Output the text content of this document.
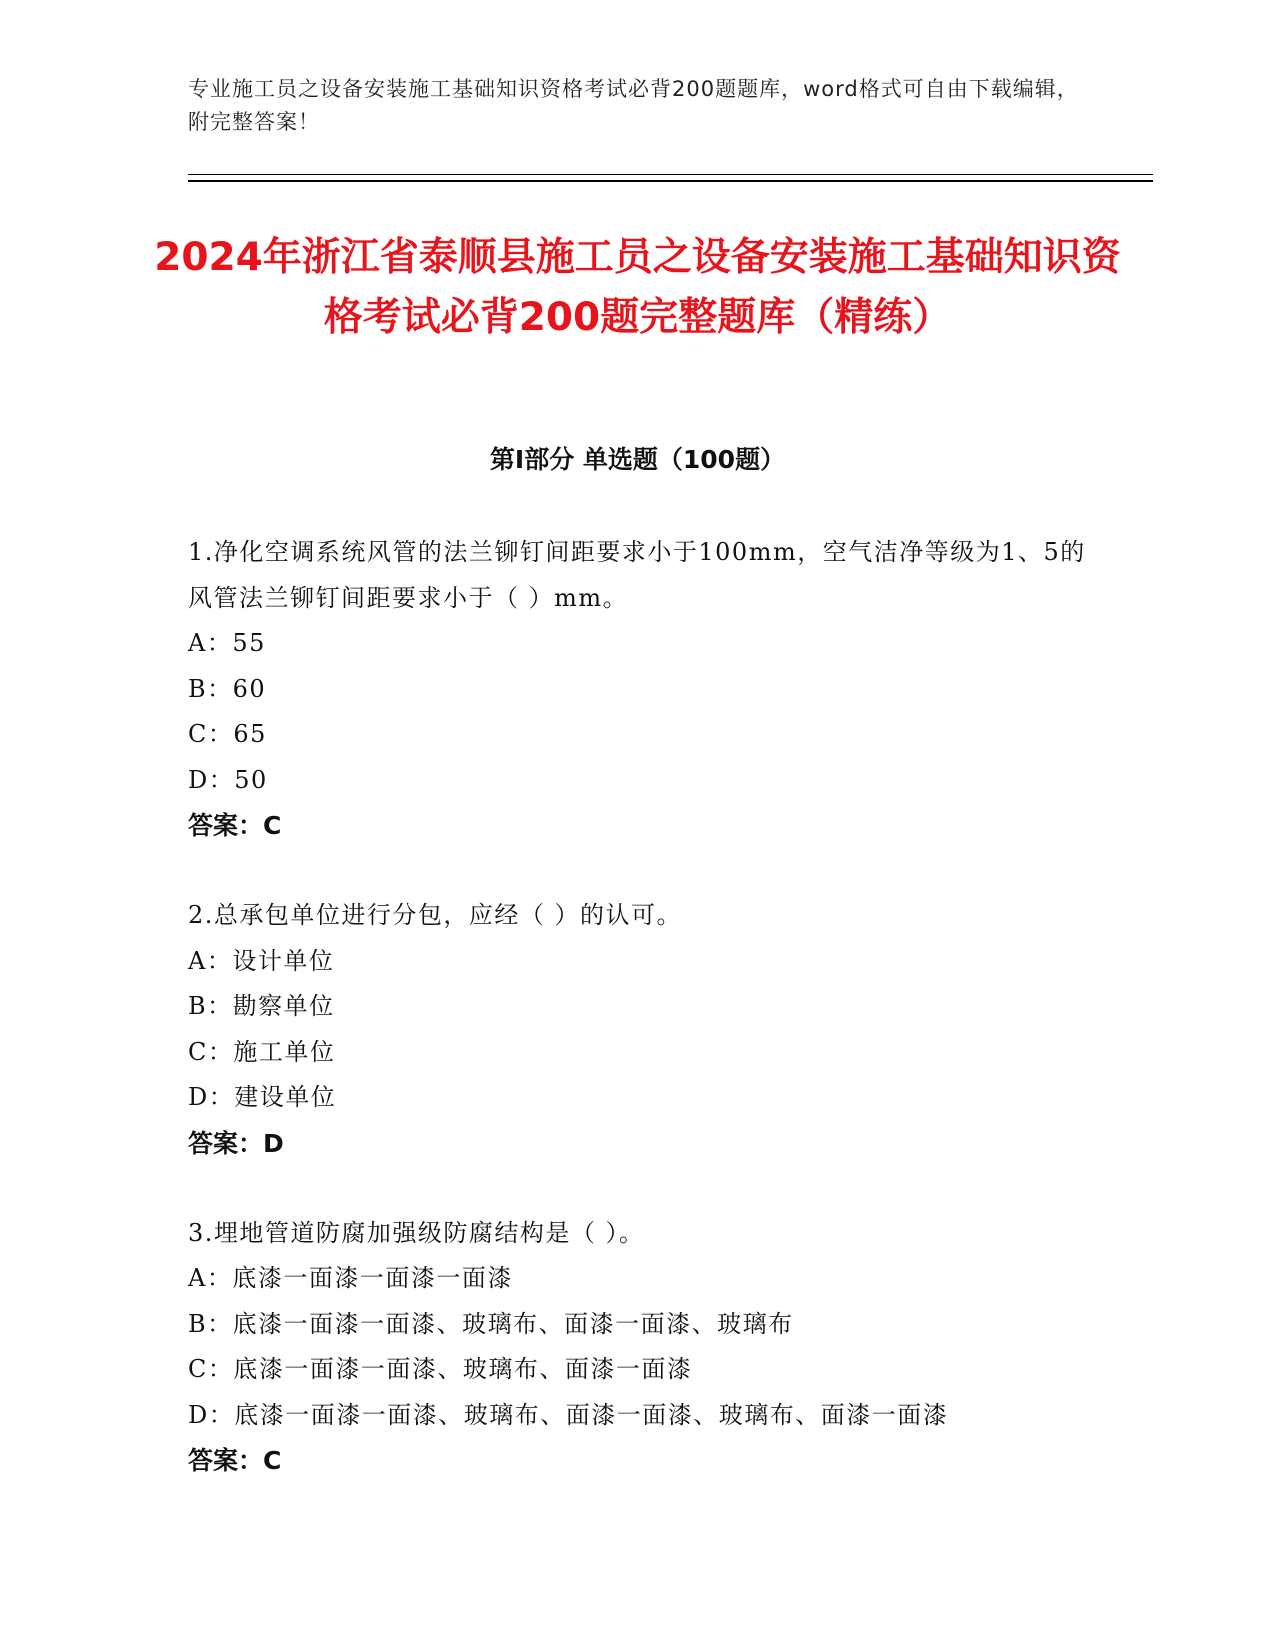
专业施工员之设备安装施工基础知识资格考试必背200题题库，word格式可自由下载编辑，附完整答案！
2024年浙江省泰顺县施工员之设备安装施工基础知识资格考试必背200题完整题库（精练）
第Ⅰ部分 单选题（100题）
1.净化空调系统风管的法兰铆钉间距要求小于100mm，空气洁净等级为1、5的风管法兰铆钉间距要求小于（ ）mm。
A：55
B：60
C：65
D：50
答案：C
2.总承包单位进行分包，应经（ ）的认可。
A：设计单位
B：勘察单位
C：施工单位
D：建设单位
答案：D
3.埋地管道防腐加强级防腐结构是（ ）。
A：底漆一面漆一面漆一面漆
B：底漆一面漆一面漆、玻璃布、面漆一面漆、玻璃布
C：底漆一面漆一面漆、玻璃布、面漆一面漆
D：底漆一面漆一面漆、玻璃布、面漆一面漆、玻璃布、面漆一面漆
答案：C
